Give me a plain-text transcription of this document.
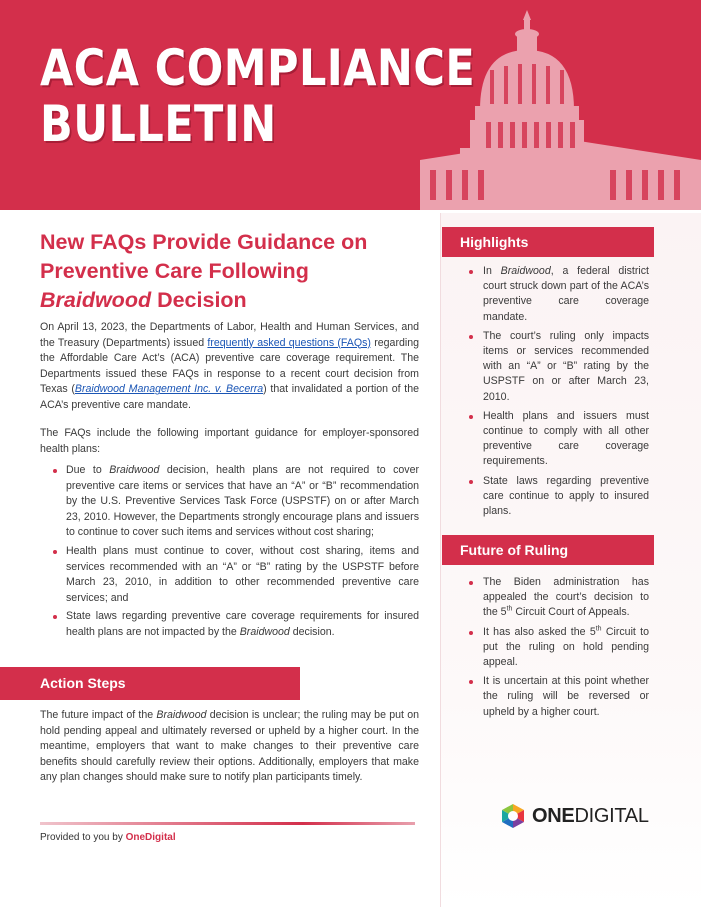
ACA COMPLIANCE
BULLETIN
New FAQs Provide Guidance on
Preventive Care Following
Braidwood Decision

On April 13, 2023, the Departments of Labor, Health and Human Services, and the Treasury (Departments) issued frequently asked questions (FAQs) regarding the Affordable Care Act’s (ACA) preventive care coverage requirement. The Departments issued these FAQs in response to a recent court decision from Texas (Braidwood Management Inc. v. Becerra) that invalidated a portion of the ACA’s preventive care mandate.

The FAQs include the following important guidance for employer-sponsored health plans:

Due to Braidwood decision, health plans are not required to cover preventive care items or services that have an “A” or “B” recommendation by the U.S. Preventive Services Task Force (USPSTF) on or after March 23, 2010. However, the Departments strongly encourage plans and issuers to continue to cover such items and services without cost sharing;
Health plans must continue to cover, without cost sharing, items and services recommended with an “A” or “B” rating by the USPSTF before March 23, 2010, in addition to other recommended preventive care services; and
State laws regarding preventive care coverage requirements for insured health plans are not impacted by the Braidwood decision.
Action Steps

The future impact of the Braidwood decision is unclear; the ruling may be put on hold pending appeal and ultimately reversed or upheld by a higher court. In the meantime, employers that want to make changes to their preventive care benefits should carefully review their options. Additionally, employers that make any plan changes should make sure to notify plan participants timely.

Provided to you by OneDigital
Highlights
In Braidwood, a federal district court struck down part of the ACA’s preventive care coverage mandate.
The court’s ruling only impacts items or services recommended with an “A” or “B” rating by the USPSTF on or after March 23, 2010.
Health plans and issuers must continue to comply with all other preventive care coverage requirements.
State laws regarding preventive care continue to apply to insured plans.
Future of Ruling
The Biden administration has appealed the court’s decision to the 5th Circuit Court of Appeals.
It has also asked the 5th Circuit to put the ruling on hold pending appeal.
It is uncertain at this point whether the ruling will be reversed or upheld by a higher court.
ONEDIGITAL
